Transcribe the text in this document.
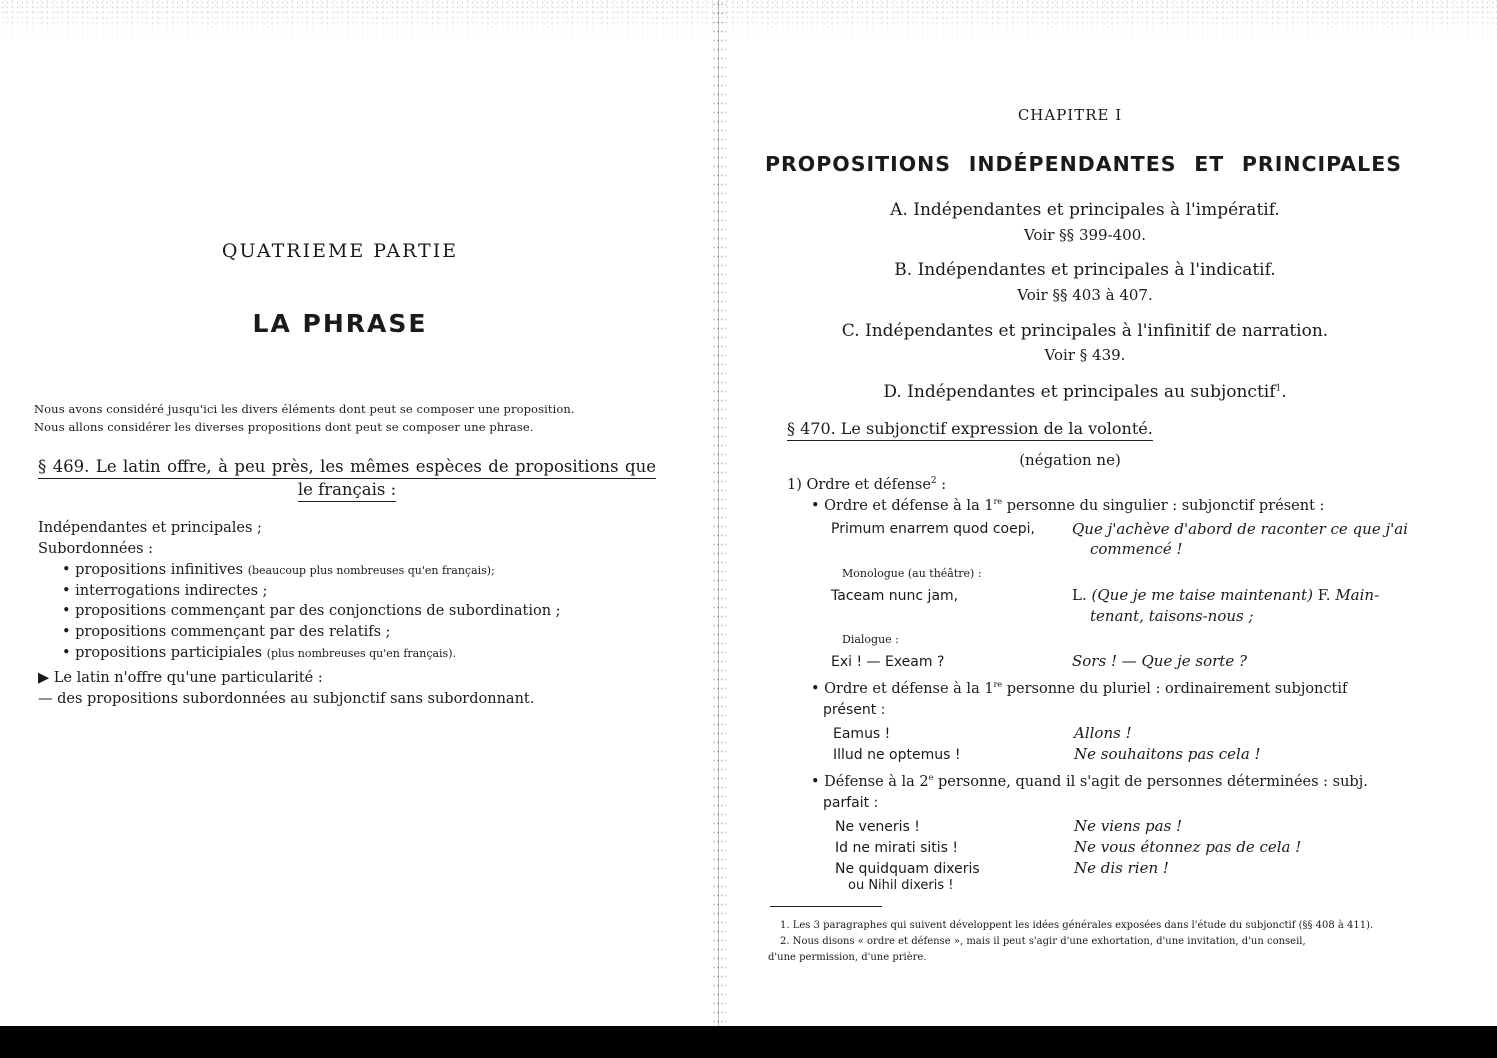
QUATRIEME PARTIE
LA PHRASE
Nous avons considéré jusqu'ici les divers éléments dont peut se composer une proposition.
Nous allons considérer les diverses propositions dont peut se composer une phrase.
§ 469. Le latin offre, à peu près, les mêmes espèces de propositions que
le français :
Indépendantes et principales ;
Subordonnées :
• propositions infinitives (beaucoup plus nombreuses qu'en français);
• interrogations indirectes ;
• propositions commençant par des conjonctions de subordination ;
• propositions commençant par des relatifs ;
• propositions participiales (plus nombreuses qu'en français).
▶ Le latin n'offre qu'une particularité :
— des propositions subordonnées au subjonctif sans subordonnant.
CHAPITRE I
PROPOSITIONS INDÉPENDANTES ET PRINCIPALES
A. Indépendantes et principales à l'impératif.
Voir §§ 399-400.
B. Indépendantes et principales à l'indicatif.
Voir §§ 403 à 407.
C. Indépendantes et principales à l'infinitif de narration.
Voir § 439.
D. Indépendantes et principales au subjonctif$^1$.
§ 470. Le subjonctif expression de la volonté.
(négation ne)
1) Ordre et défense$^2$ :
• Ordre et défense à la 1re personne du singulier : subjonctif présent :
Primum enarrem quod coepi, Que j'achève d'abord de raconter ce que j'ai
commencé !
Monologue (au théâtre) :
Taceam nunc jam,	L. (Que je me taise maintenant) F. Main-
tenant, taisons-nous ;
Dialogue :
Exi ! — Exeam ?	Sors ! — Que je sorte ?
• Ordre et défense à la 1re personne du pluriel : ordinairement subjonctif
présent :
Eamus !	Allons !
Illud ne optemus !	Ne souhaitons pas cela !
• Défense à la 2e personne, quand il s'agit de personnes déterminées : subj.
parfait :
Ne veneris !	Ne viens pas !
Id ne mirati sitis !	Ne vous étonnez pas de cela !
Ne quidquam dixeris	Ne dis rien !
ou Nihil dixeris !
1. Les 3 paragraphes qui suivent développent les idées générales exposées dans l'étude du subjonctif (§§ 408 à 411).
2. Nous disons « ordre et défense », mais il peut s'agir d'une exhortation, d'une invitation, d'un conseil,
d'une permission, d'une prière.
